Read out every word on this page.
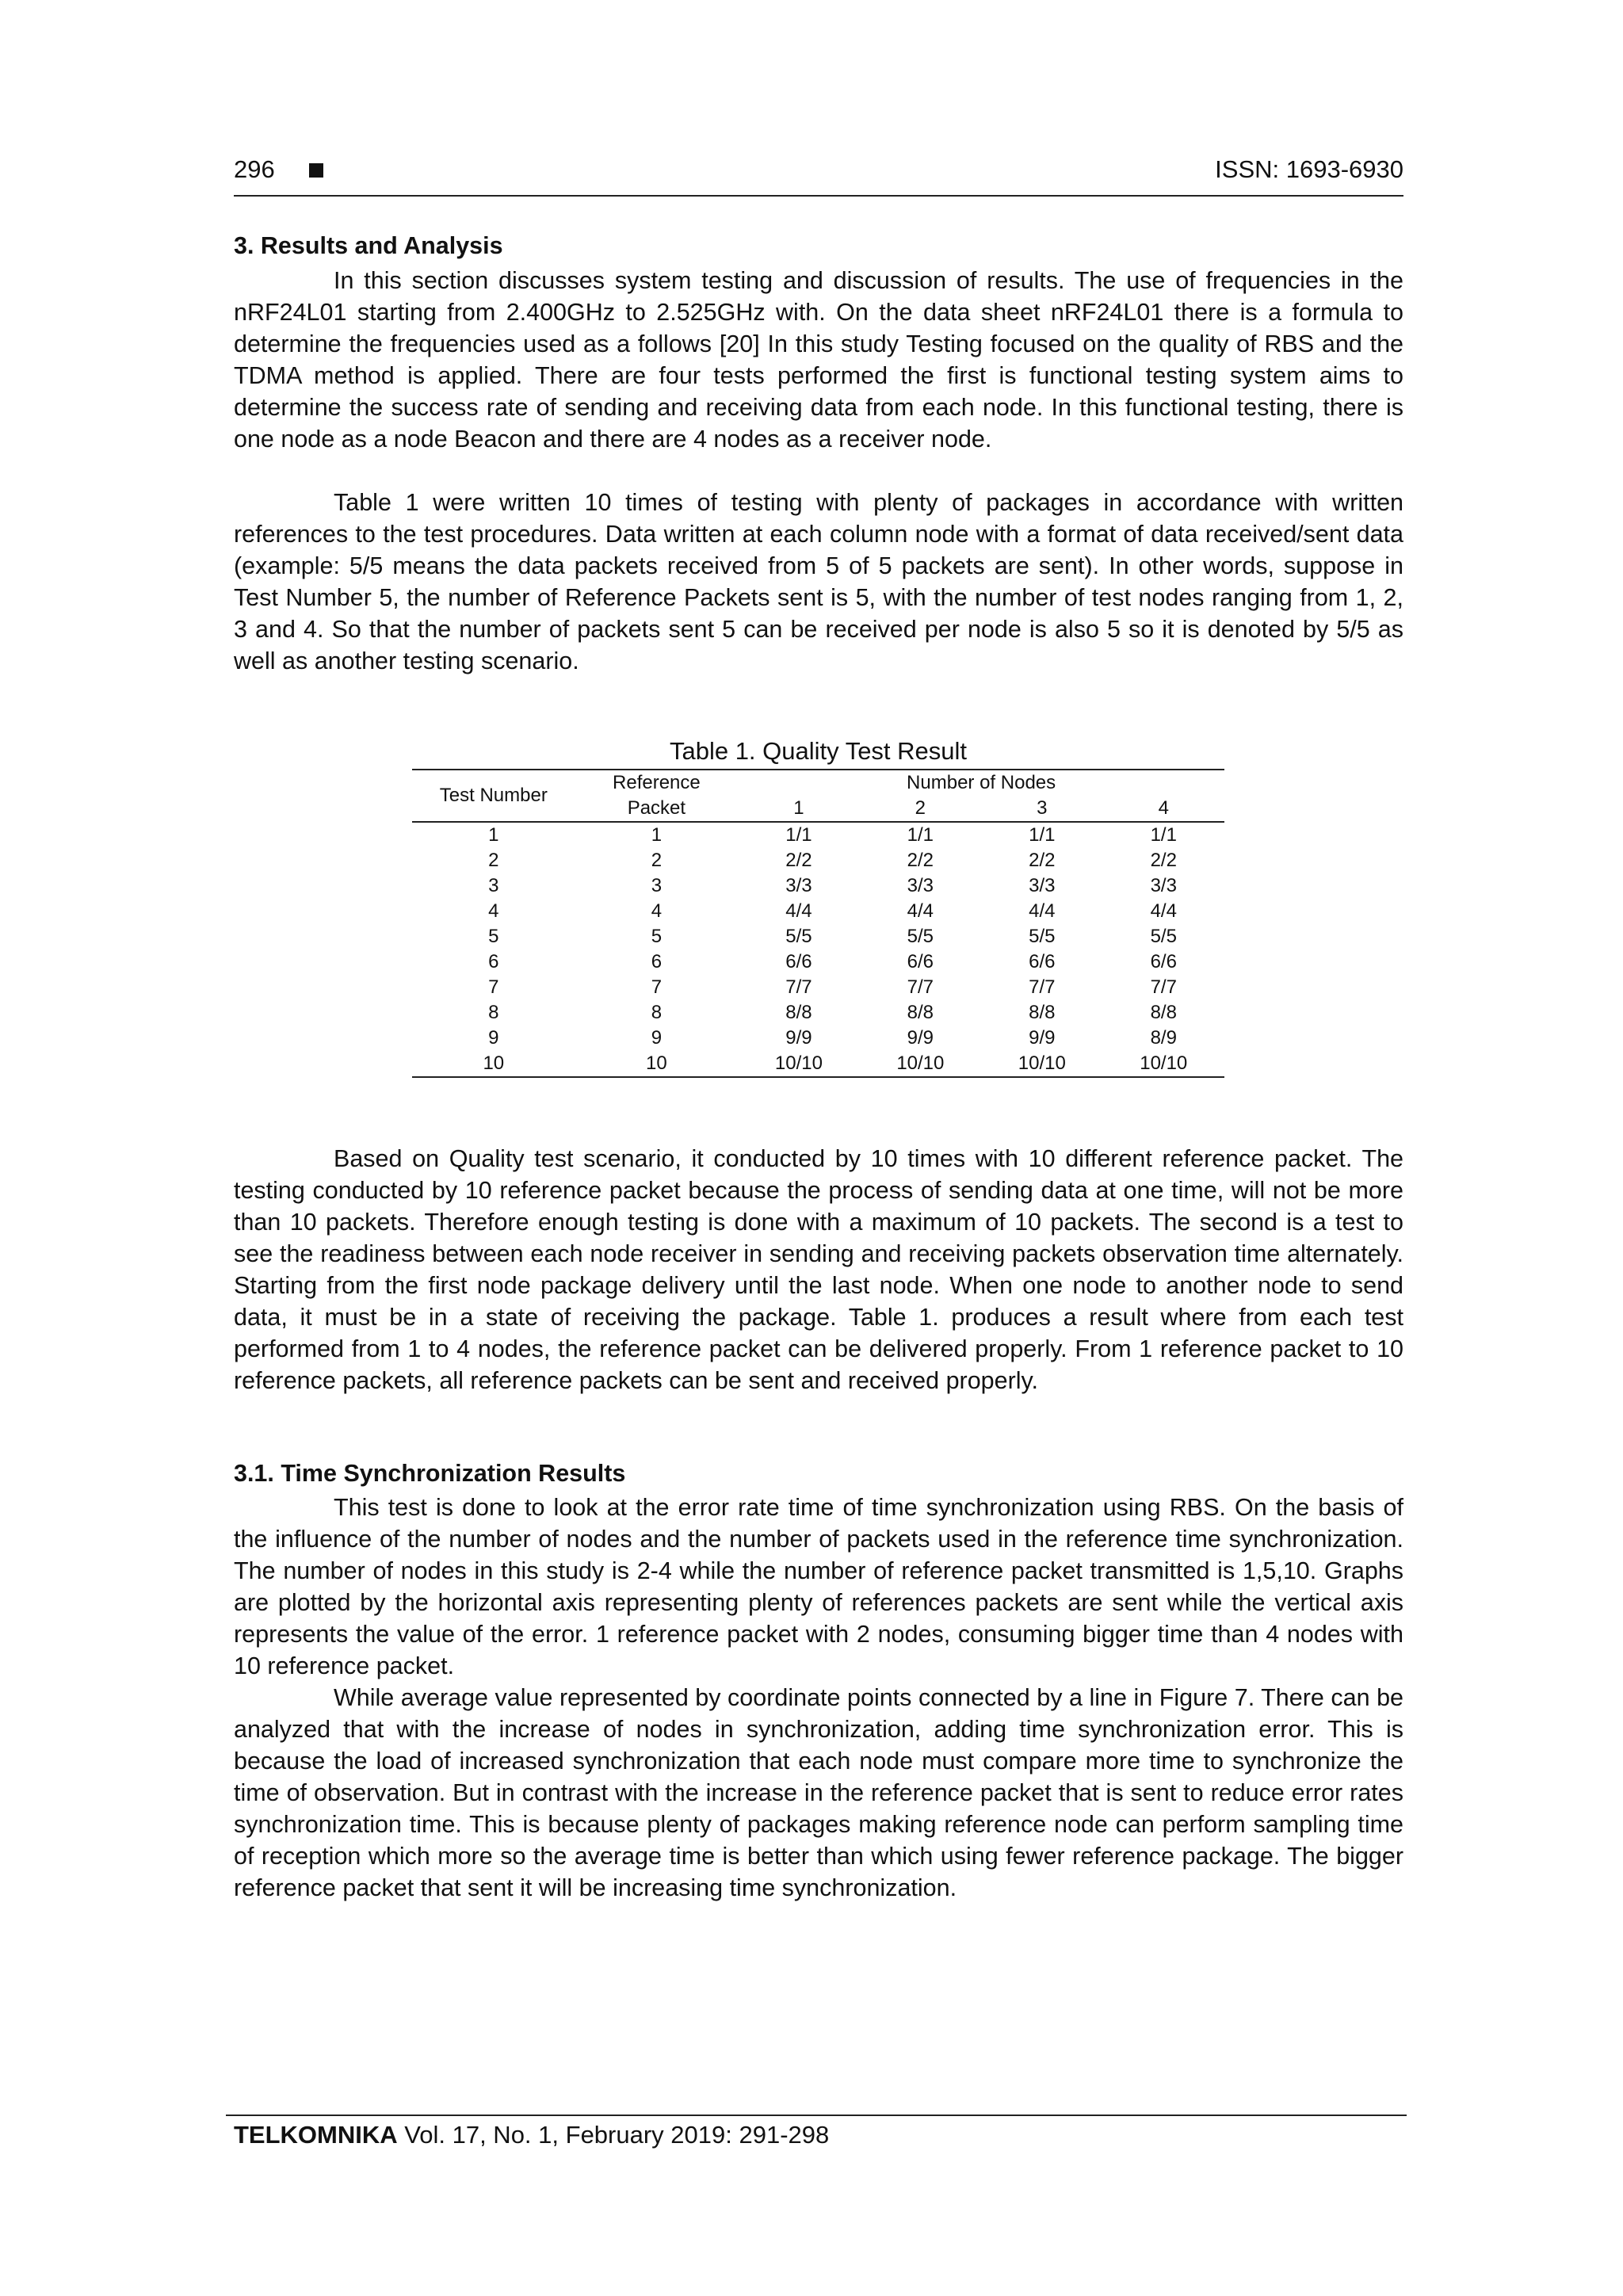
296	ISSN: 1693-6930
3. Results and Analysis

In this section discusses system testing and discussion of results. The use of frequencies in the nRF24L01 starting from 2.400GHz to 2.525GHz with. On the data sheet nRF24L01 there is a formula to determine the frequencies used as a follows [20] In this study Testing focused on the quality of RBS and the TDMA method is applied. There are four tests performed the first is functional testing system aims to determine the success rate of sending and receiving data from each node. In this functional testing, there is one node as a node Beacon and there are 4 nodes as a receiver node.

Table 1 were written 10 times of testing with plenty of packages in accordance with written references to the test procedures. Data written at each column node with a format of data received/sent data (example: 5/5 means the data packets received from 5 of 5 packets are sent). In other words, suppose in Test Number 5, the number of Reference Packets sent is 5, with the number of test nodes ranging from 1, 2, 3 and 4. So that the number of packets sent 5 can be received per node is also 5 so it is denoted by 5/5 as well as another testing scenario.

Table 1. Quality Test Result
Test Number	Reference	Number of Nodes			
	Packet	1	2	3	4
1	1	1/1	1/1	1/1	1/1
2	2	2/2	2/2	2/2	2/2
3	3	3/3	3/3	3/3	3/3
4	4	4/4	4/4	4/4	4/4
5	5	5/5	5/5	5/5	5/5
6	6	6/6	6/6	6/6	6/6
7	7	7/7	7/7	7/7	7/7
8	8	8/8	8/8	8/8	8/8
9	9	9/9	9/9	9/9	8/9
10	10	10/10	10/10	10/10	10/10

Based on Quality test scenario, it conducted by 10 times with 10 different reference packet. The testing conducted by 10 reference packet because the process of sending data at one time, will not be more than 10 packets. Therefore enough testing is done with a maximum of 10 packets. The second is a test to see the readiness between each node receiver in sending and receiving packets observation time alternately. Starting from the first node package delivery until the last node. When one node to another node to send data, it must be in a state of receiving the package. Table 1. produces a result where from each test performed from 1 to 4 nodes, the reference packet can be delivered properly. From 1 reference packet to 10 reference packets, all reference packets can be sent and received properly.

3.1. Time Synchronization Results

This test is done to look at the error rate time of time synchronization using RBS. On the basis of the influence of the number of nodes and the number of packets used in the reference time synchronization. The number of nodes in this study is 2-4 while the number of reference packet transmitted is 1,5,10. Graphs are plotted by the horizontal axis representing plenty of references packets are sent while the vertical axis represents the value of the error. 1 reference packet with 2 nodes, consuming bigger time than 4 nodes with 10 reference packet.

While average value represented by coordinate points connected by a line in Figure 7. There can be analyzed that with the increase of nodes in synchronization, adding time synchronization error. This is because the load of increased synchronization that each node must compare more time to synchronize the time of observation. But in contrast with the increase in the reference packet that is sent to reduce error rates synchronization time. This is because plenty of packages making reference node can perform sampling time of reception which more so the average time is better than which using fewer reference package. The bigger reference packet that sent it will be increasing time synchronization.

TELKOMNIKA Vol. 17, No. 1, February 2019: 291-298
